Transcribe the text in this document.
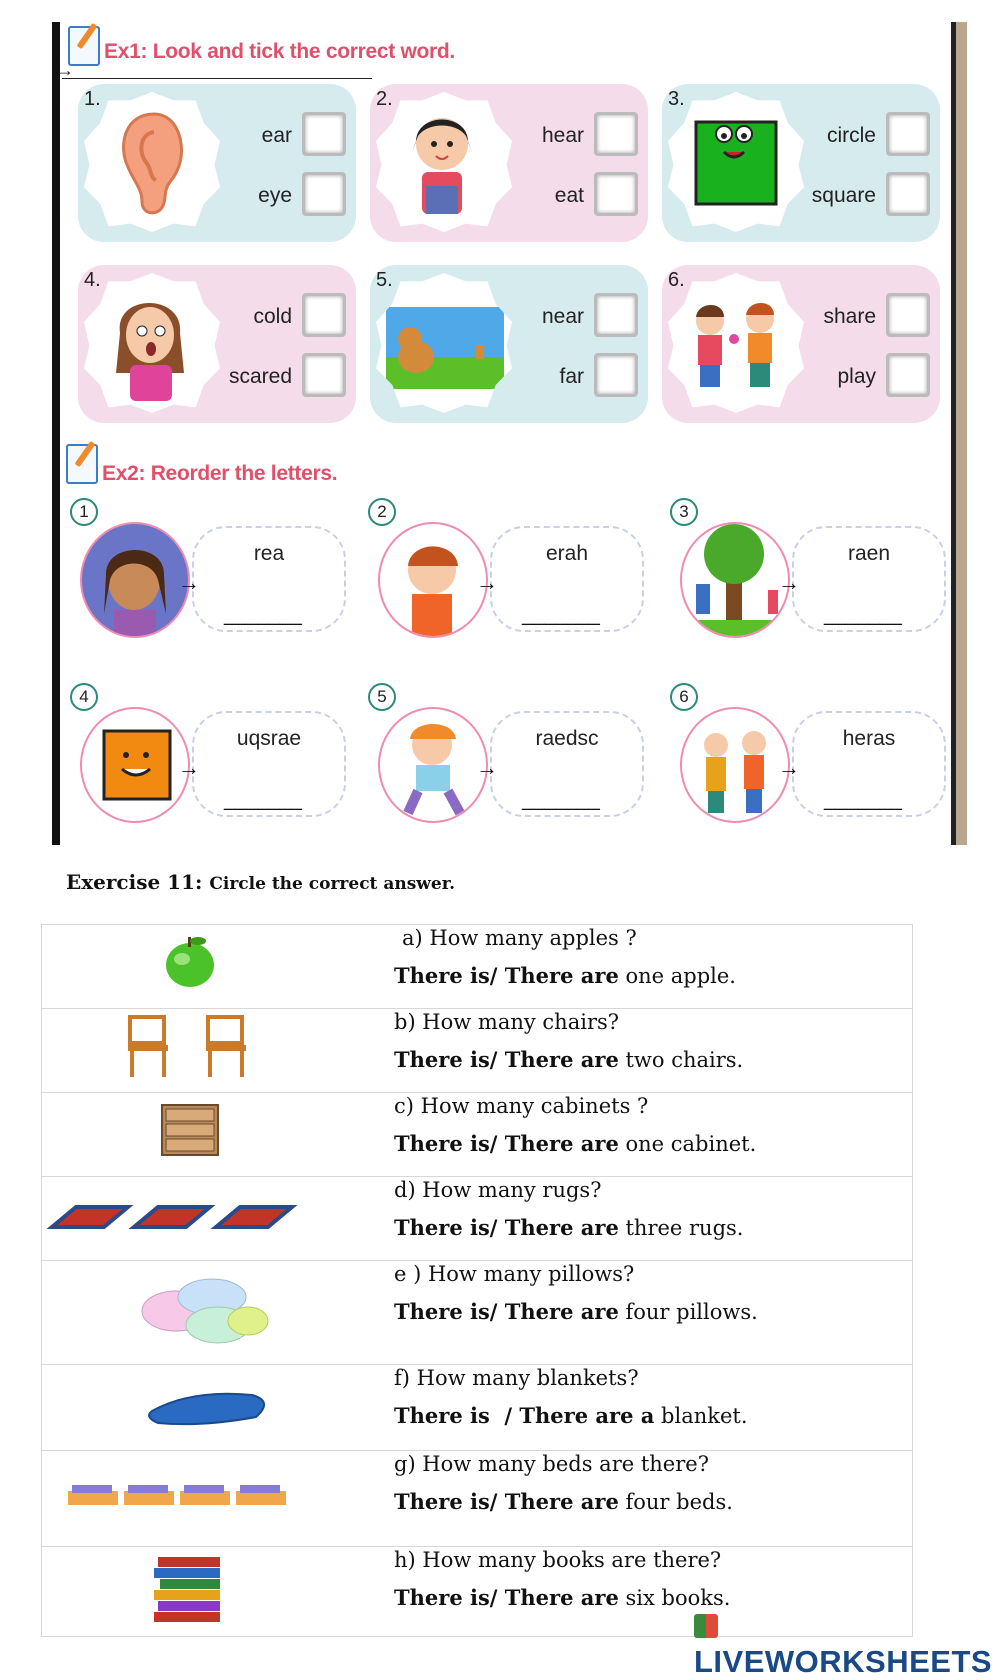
Ex1: Look and tick the correct word.
→
1.
ear
eye
2.
hear
eat
3.
circle
square
4.
cold
scared
5.
near
far
6.
share
play
Ex2: Reorder the letters.
1
rea
_______
→
2
erah
_______
→
3
raen
_______
→
4
uqsrae
_______
→
5
raedsc
_______
→
6
heras
_______
→
Exercise 11: Circle the correct answer.

a) How many apples ?
There is/ There are one apple.

b) How many chairs?
There is/ There are two chairs.

c) How many cabinets ?
There is/ There are one cabinet.

d) How many rugs?
There is/ There are three rugs.

e ) How many pillows?
There is/ There are four pillows.

f) How many blankets?
There is  / There are a blanket.

g) How many beds are there?
There is/ There are four beds.

h) How many books are there?
There is/ There are six books.
LIVEWORKSHEETS
